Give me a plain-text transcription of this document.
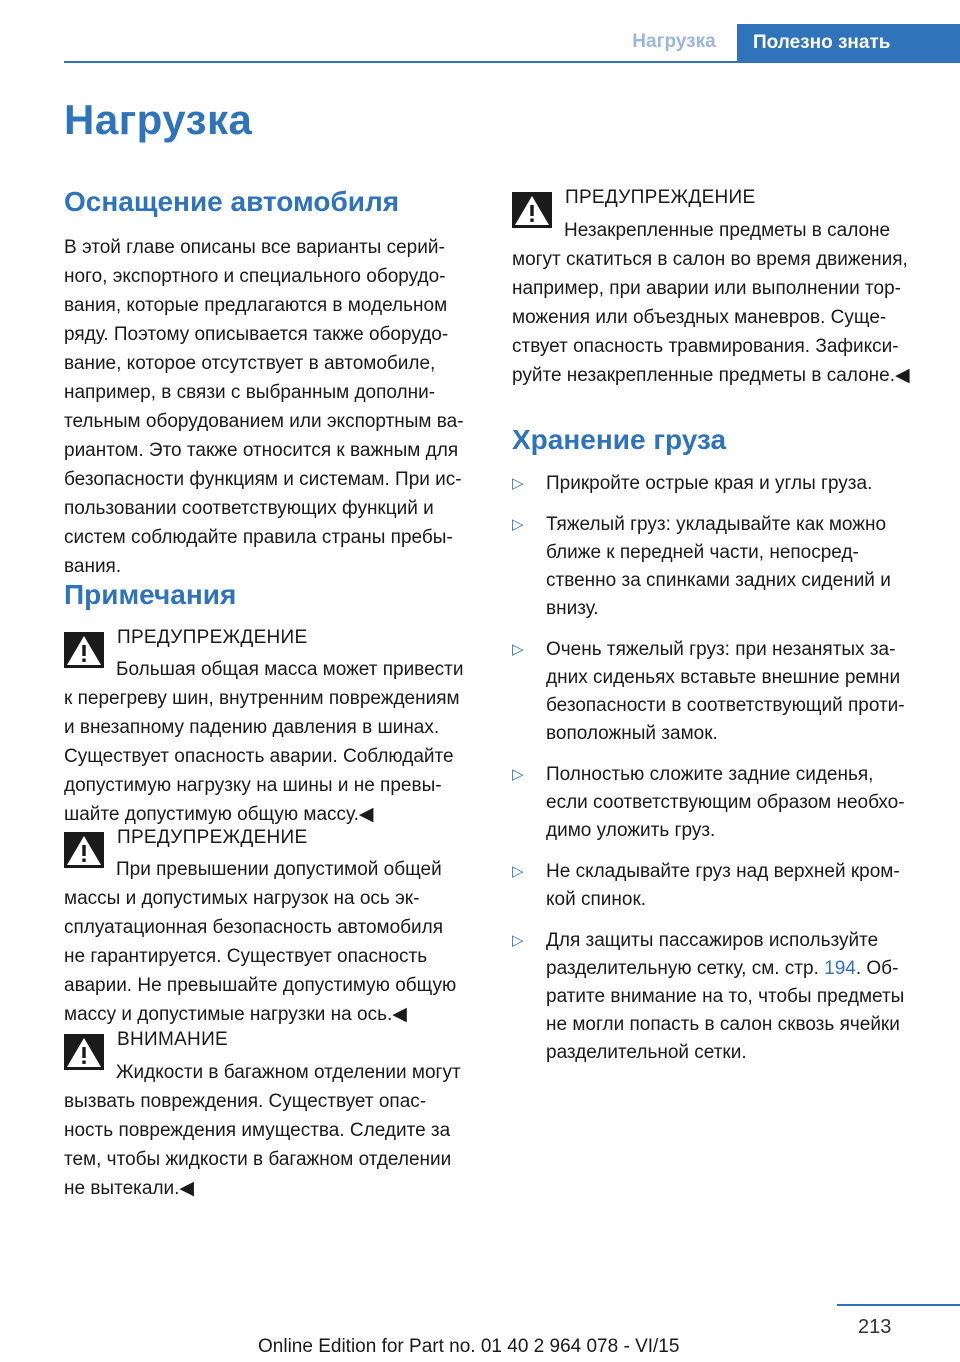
Нагрузка	Полезно знать
Нагрузка
Оснащение автомобиля

В этой главе описаны все варианты серий-
ного, экспортного и специального оборудо-
вания, которые предлагаются в модельном
ряду. Поэтому описывается также оборудо-
вание, которое отсутствует в автомобиле,
например, в связи с выбранным дополни-
тельным оборудованием или экспортным ва-
риантом. Это также относится к важным для
безопасности функциям и системам. При ис-
пользовании соответствующих функций и
систем соблюдайте правила страны пребы-
вания.

Примечания
ПРЕДУПРЕЖДЕНИЕ

Большая общая масса может привести
к перегреву шин, внутренним повреждениям
и внезапному падению давления в шинах.
Существует опасность аварии. Соблюдайте
допустимую нагрузку на шины и не превы-
шайте допустимую общую массу.◀

ПРЕДУПРЕЖДЕНИЕ

При превышении допустимой общей
массы и допустимых нагрузок на ось эк-
сплуатационная безопасность автомобиля
не гарантируется. Существует опасность
аварии. Не превышайте допустимую общую
массу и допустимые нагрузки на ось.◀

ВНИМАНИЕ

Жидкости в багажном отделении могут
вызвать повреждения. Существует опас-
ность повреждения имущества. Следите за
тем, чтобы жидкости в багажном отделении
не вытекали.◀

ПРЕДУПРЕЖДЕНИЕ

Незакрепленные предметы в салоне
могут скатиться в салон во время движения,
например, при аварии или выполнении тор-
можения или объездных маневров. Суще-
ствует опасность травмирования. Зафикси-
руйте незакрепленные предметы в салоне.◀

Хранение груза
▷ Прикройте острые края и углы груза.
▷ Тяжелый груз: укладывайте как можно
ближе к передней части, непосред-
ственно за спинками задних сидений и
внизу.
▷ Очень тяжелый груз: при незанятых за-
дних сиденьях вставьте внешние ремни
безопасности в соответствующий проти-
воположный замок.
▷ Полностью сложите задние сиденья,
если соответствующим образом необхо-
димо уложить груз.
▷ Не складывайте груз над верхней кром-
кой спинок.
▷ Для защиты пассажиров используйте
разделительную сетку, см. стр. 194. Об-
ратите внимание на то, чтобы предметы
не могли попасть в салон сквозь ячейки
разделительной сетки.
213
Online Edition for Part no. 01 40 2 964 078 - VI/15
